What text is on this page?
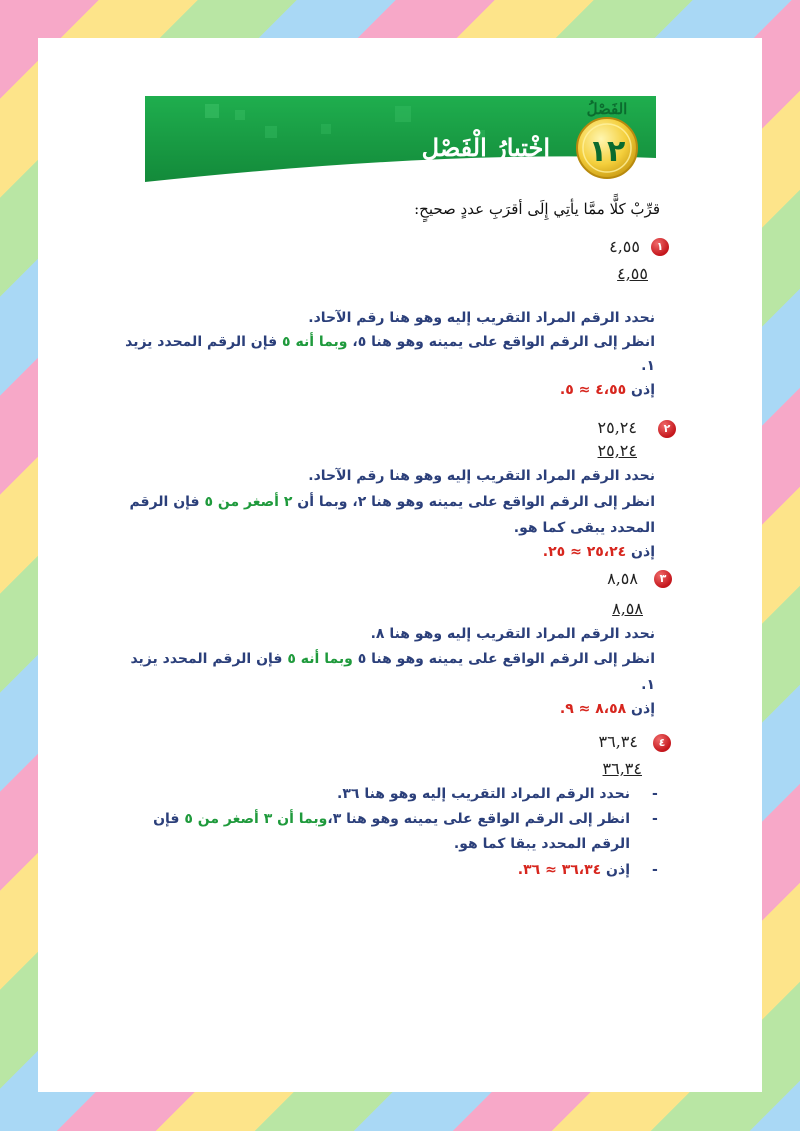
الفَصْلُ
١٢
اخْتِبارُ الْفَصْلِ
قرِّبْ كلًّا ممَّا يأتِي إِلَى أقرَبِ عددٍ صحيحٍ:
١
٤,٥٥
٤,٥٥
نحدد الرقم المراد التقريب إليه وهو هنا رقم الآحاد.
انظر إلى الرقم الواقع على يمينه وهو هنا ٥، وبما أنه ٥ فإن الرقم المحدد يزيد
١.
إذن ٤،٥٥ ≈ ٥.
٢
٢٥,٢٤
٢٥,٢٤
نحدد الرقم المراد التقريب إليه وهو هنا رقم الآحاد.
انظر إلى الرقم الواقع على يمينه وهو هنا ٢، وبما أن ٢ أصغر من ٥ فإن الرقم
المحدد يبقى كما هو.
إذن ٢٥،٢٤ ≈ ٢٥.
٣
٨,٥٨
٨,٥٨
نحدد الرقم المراد التقريب إليه وهو هنا ٨.
انظر إلى الرقم الواقع على يمينه وهو هنا ٥ وبما أنه ٥ فإن الرقم المحدد يزيد
١.
إذن ٨،٥٨ ≈ ٩.
٤
٣٦,٣٤
٣٦,٣٤
-
نحدد الرقم المراد التقريب إليه وهو هنا ٣٦.
-
انظر إلى الرقم الواقع على يمينه وهو هنا ٣،وبما أن ٣ أصغر من ٥ فإن
الرقم المحدد يبقا كما هو.
-
إذن ٣٦،٣٤ ≈ ٣٦.
